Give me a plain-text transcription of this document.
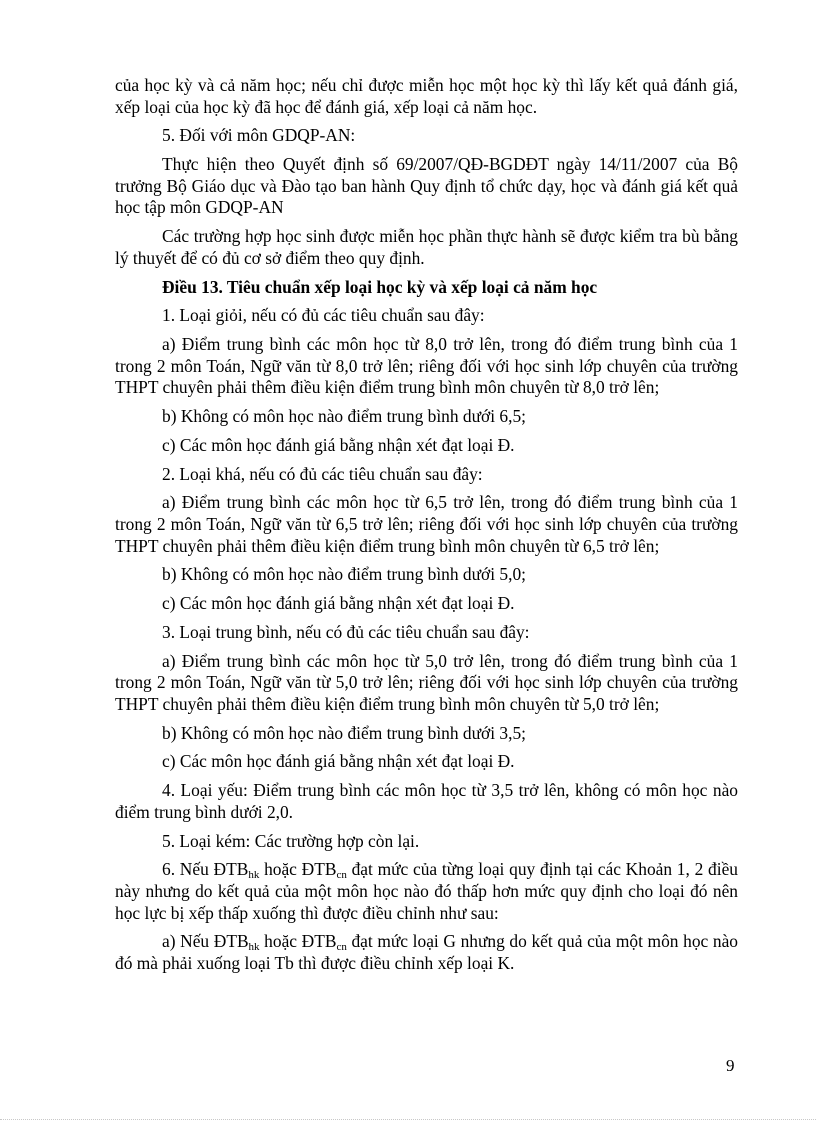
của học kỳ và cả năm học; nếu chỉ được miễn học một học kỳ thì lấy kết quả đánh giá, xếp loại của học kỳ đã học để đánh giá, xếp loại cả năm học.

5. Đối với môn GDQP-AN:

Thực hiện theo Quyết định số 69/2007/QĐ-BGDĐT ngày 14/11/2007 của Bộ trưởng Bộ Giáo dục và Đào tạo ban hành Quy định tổ chức dạy, học và đánh giá kết quả học tập môn GDQP-AN

Các trường hợp học sinh được miễn học phần thực hành sẽ được kiểm tra bù bằng lý thuyết để có đủ cơ sở điểm theo quy định.

Điều 13. Tiêu chuẩn xếp loại học kỳ và xếp loại cả năm học

1. Loại giỏi, nếu có đủ các tiêu chuẩn sau đây:

a) Điểm trung bình các môn học từ 8,0 trở lên, trong đó điểm trung bình của 1 trong 2 môn Toán, Ngữ văn từ 8,0 trở lên; riêng đối với học sinh lớp chuyên của trường THPT chuyên phải thêm điều kiện điểm trung bình môn chuyên từ 8,0 trở lên;

b) Không có môn học nào điểm trung bình dưới 6,5;

c) Các môn học đánh giá bằng nhận xét đạt loại Đ.

2. Loại khá, nếu có đủ các tiêu chuẩn sau đây:

a) Điểm trung bình các môn học từ 6,5 trở lên, trong đó điểm trung bình của 1 trong 2 môn Toán, Ngữ văn từ 6,5 trở lên; riêng đối với học sinh lớp chuyên của trường THPT chuyên phải thêm điều kiện điểm trung bình môn chuyên từ 6,5 trở lên;

b) Không có môn học nào điểm trung bình dưới 5,0;

c) Các môn học đánh giá bằng nhận xét đạt loại Đ.

3. Loại trung bình, nếu có đủ các tiêu chuẩn sau đây:

a) Điểm trung bình các môn học từ 5,0 trở lên, trong đó điểm trung bình của 1 trong 2 môn Toán, Ngữ văn từ 5,0 trở lên; riêng đối với học sinh lớp chuyên của trường THPT chuyên phải thêm điều kiện điểm trung bình môn chuyên từ 5,0 trở lên;

b) Không có môn học nào điểm trung bình dưới 3,5;

c) Các môn học đánh giá bằng nhận xét đạt loại Đ.

4. Loại yếu: Điểm trung bình các môn học từ 3,5 trở lên, không có môn học nào điểm trung bình dưới 2,0.

5. Loại kém: Các trường hợp còn lại.

6. Nếu $ĐTB_{hk}$ hoặc $ĐTB_{cn}$ đạt mức của từng loại quy định tại các Khoản 1, 2 điều này nhưng do kết quả của một môn học nào đó thấp hơn mức quy định cho loại đó nên học lực bị xếp thấp xuống thì được điều chỉnh như sau:

a) Nếu $ĐTB_{hk}$ hoặc $ĐTB_{cn}$ đạt mức loại G nhưng do kết quả của một môn học nào đó mà phải xuống loại Tb thì được điều chỉnh xếp loại K.

9
